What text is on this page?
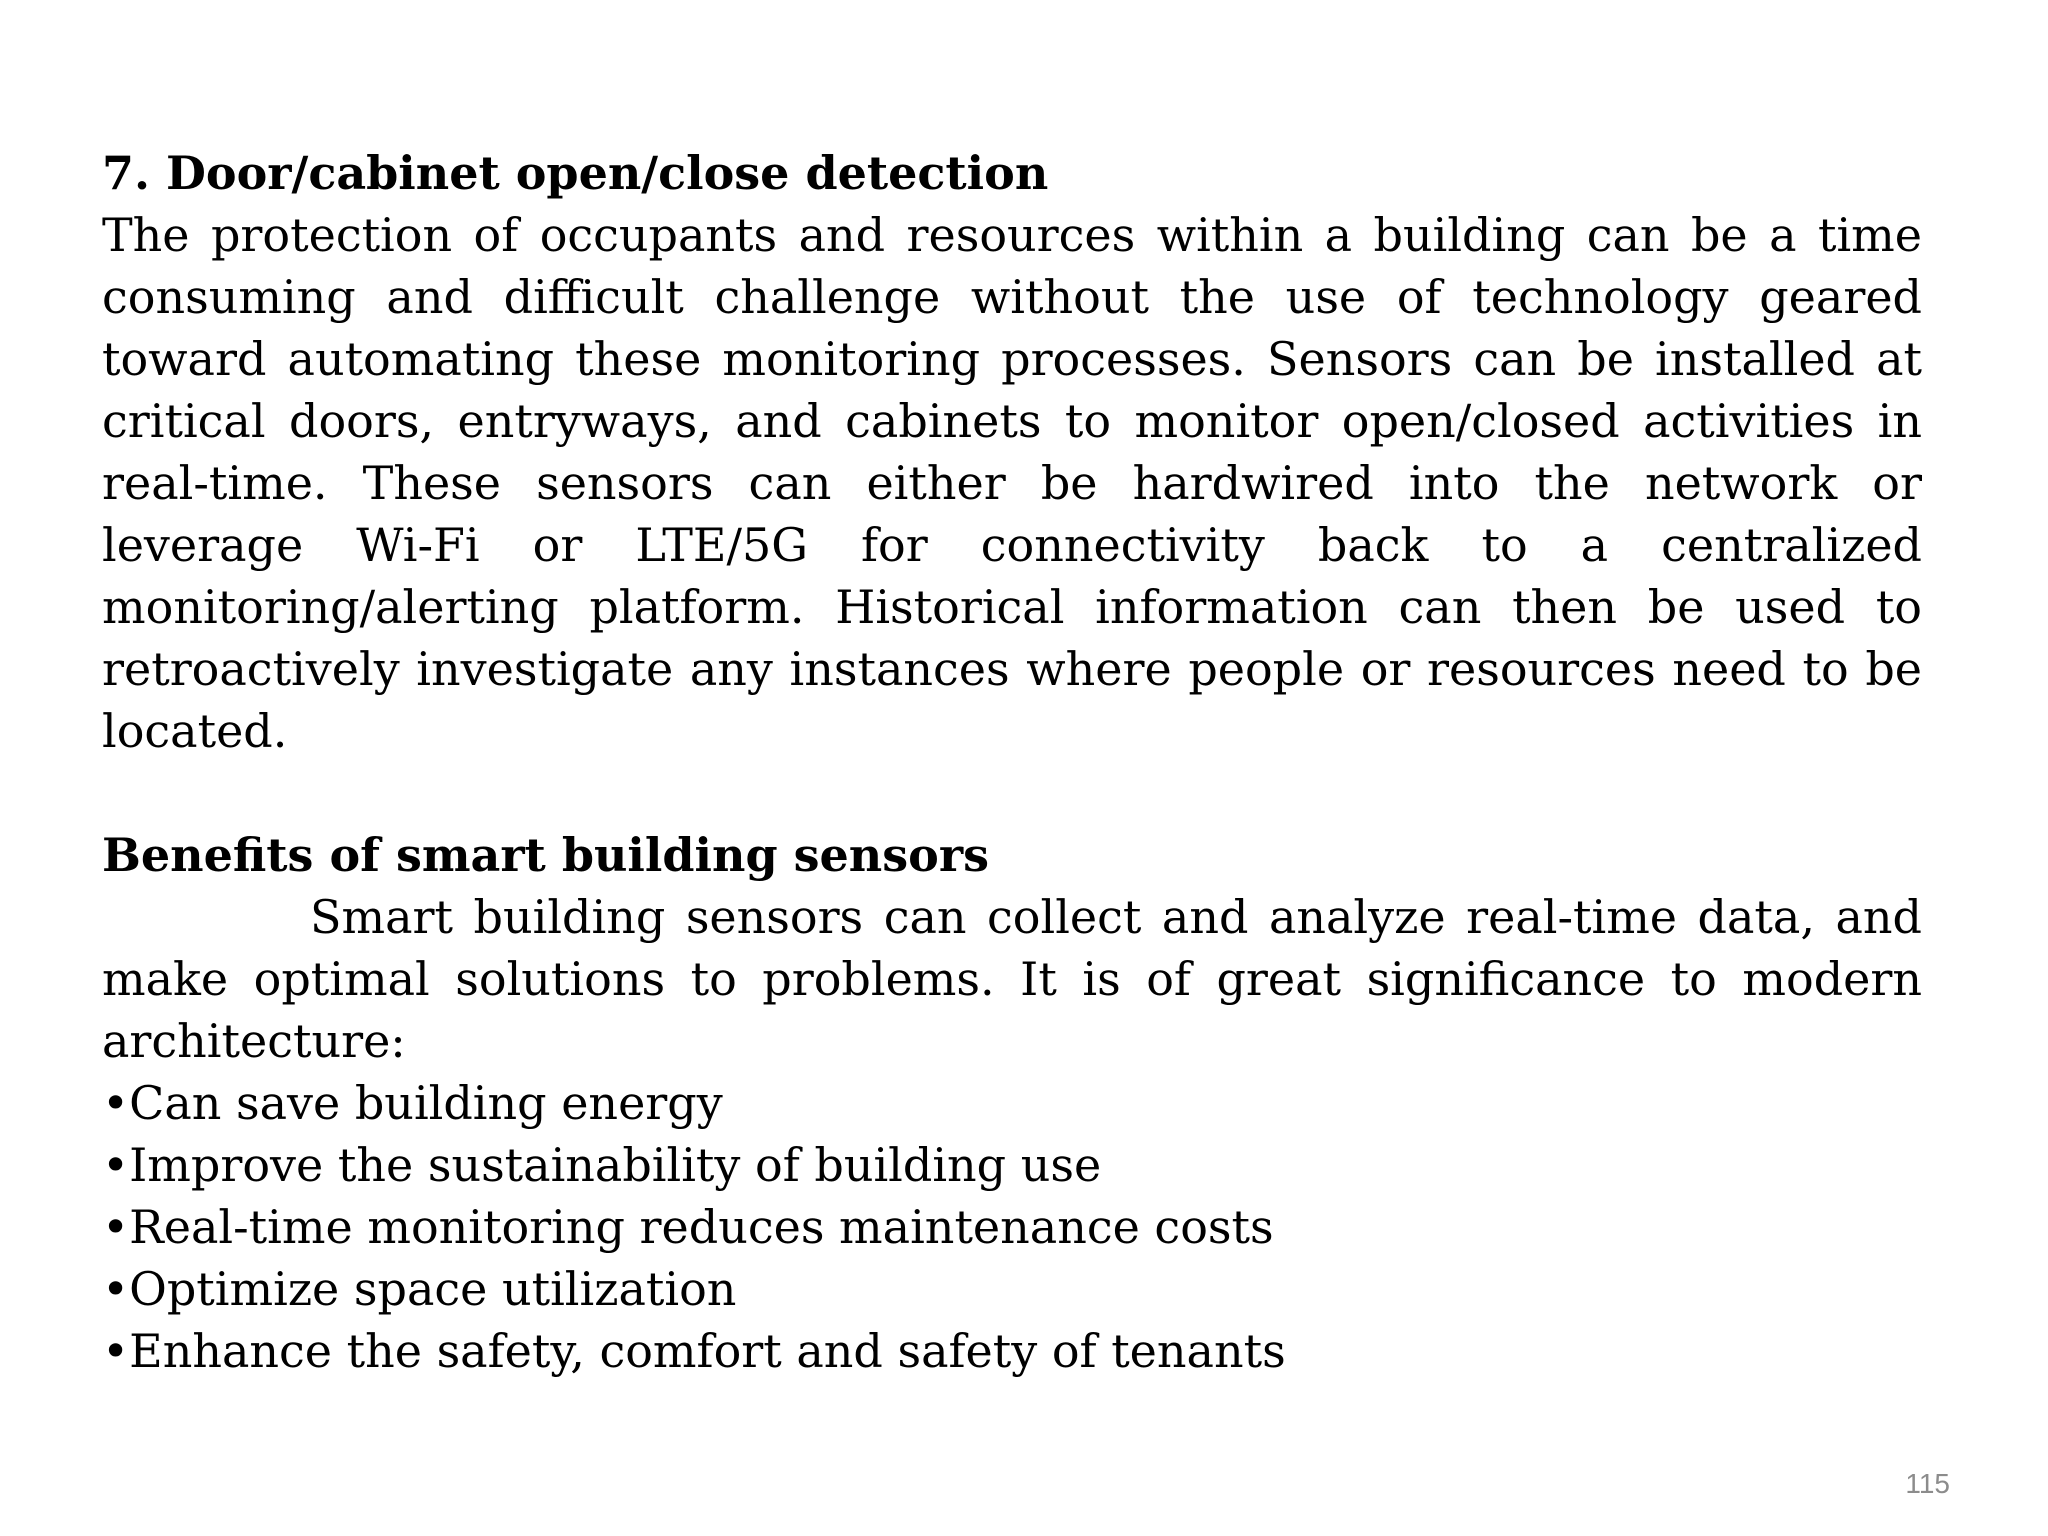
7. Door/cabinet open/close detection

The protection of occupants and resources within a building can be a time consuming and difficult challenge without the use of technology geared toward automating these monitoring processes. Sensors can be installed at critical doors, entryways, and cabinets to monitor open/closed activities in real-time. These sensors can either be hardwired into the network or leverage Wi-Fi or LTE/5G for connectivity back to a centralized monitoring/alerting platform. Historical information can then be used to retroactively investigate any instances where people or resources need to be located.

Benefits of smart building sensors

Smart building sensors can collect and analyze real-time data, and make optimal solutions to problems. It is of great significance to modern architecture:

•Can save building energy
•Improve the sustainability of building use
•Real-time monitoring reduces maintenance costs
•Optimize space utilization
•Enhance the safety, comfort and safety of tenants
115
